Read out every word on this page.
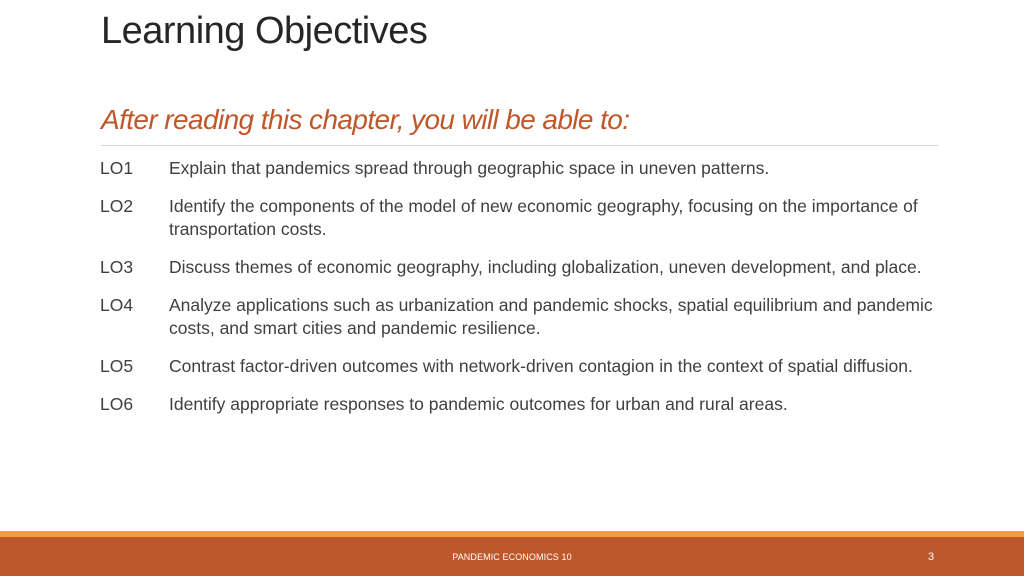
Learning Objectives
After reading this chapter, you will be able to:
LO1	Explain that pandemics spread through geographic space in uneven patterns.
LO2	Identify the components of the model of new economic geography, focusing on the importance of transportation costs.
LO3	Discuss themes of economic geography, including globalization, uneven development, and place.
LO4	Analyze applications such as urbanization and pandemic shocks, spatial equilibrium and pandemic costs, and smart cities and pandemic resilience.
LO5	Contrast factor-driven outcomes with network-driven contagion in the context of spatial diffusion.
LO6	Identify appropriate responses to pandemic outcomes for urban and rural areas.
PANDEMIC ECONOMICS 10	3
